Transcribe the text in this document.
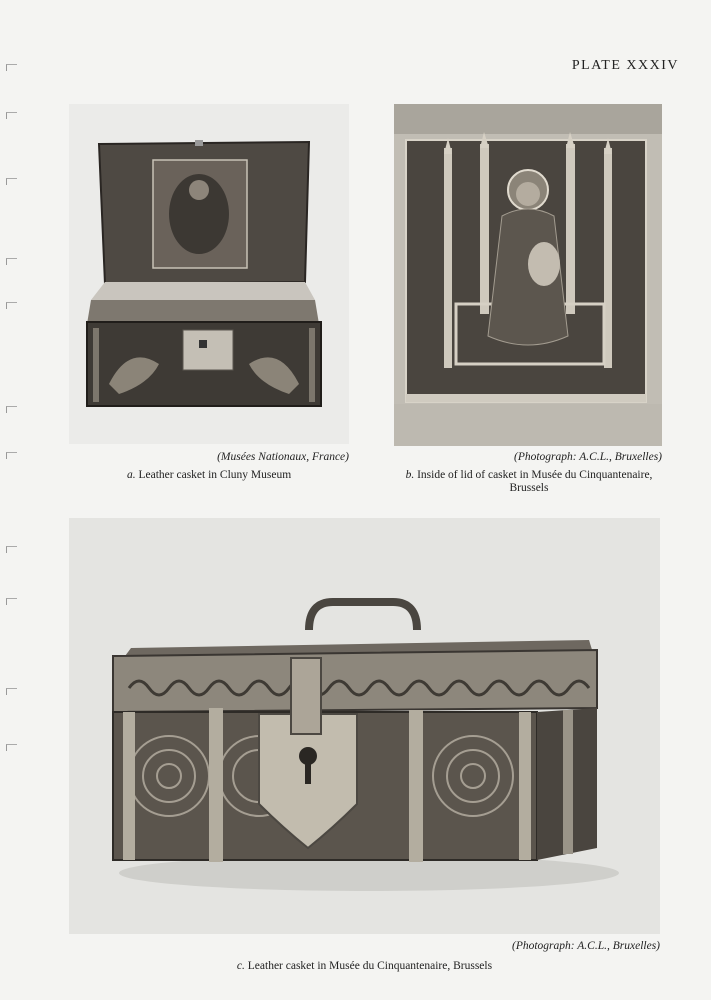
PLATE XXXIV
(Musées Nationaux, France)
a. Leather casket in Cluny Museum
(Photograph: A.C.L., Bruxelles)
b. Inside of lid of casket in Musée du Cinquantenaire,
Brussels
(Photograph: A.C.L., Bruxelles)
c. Leather casket in Musée du Cinquantenaire, Brussels
